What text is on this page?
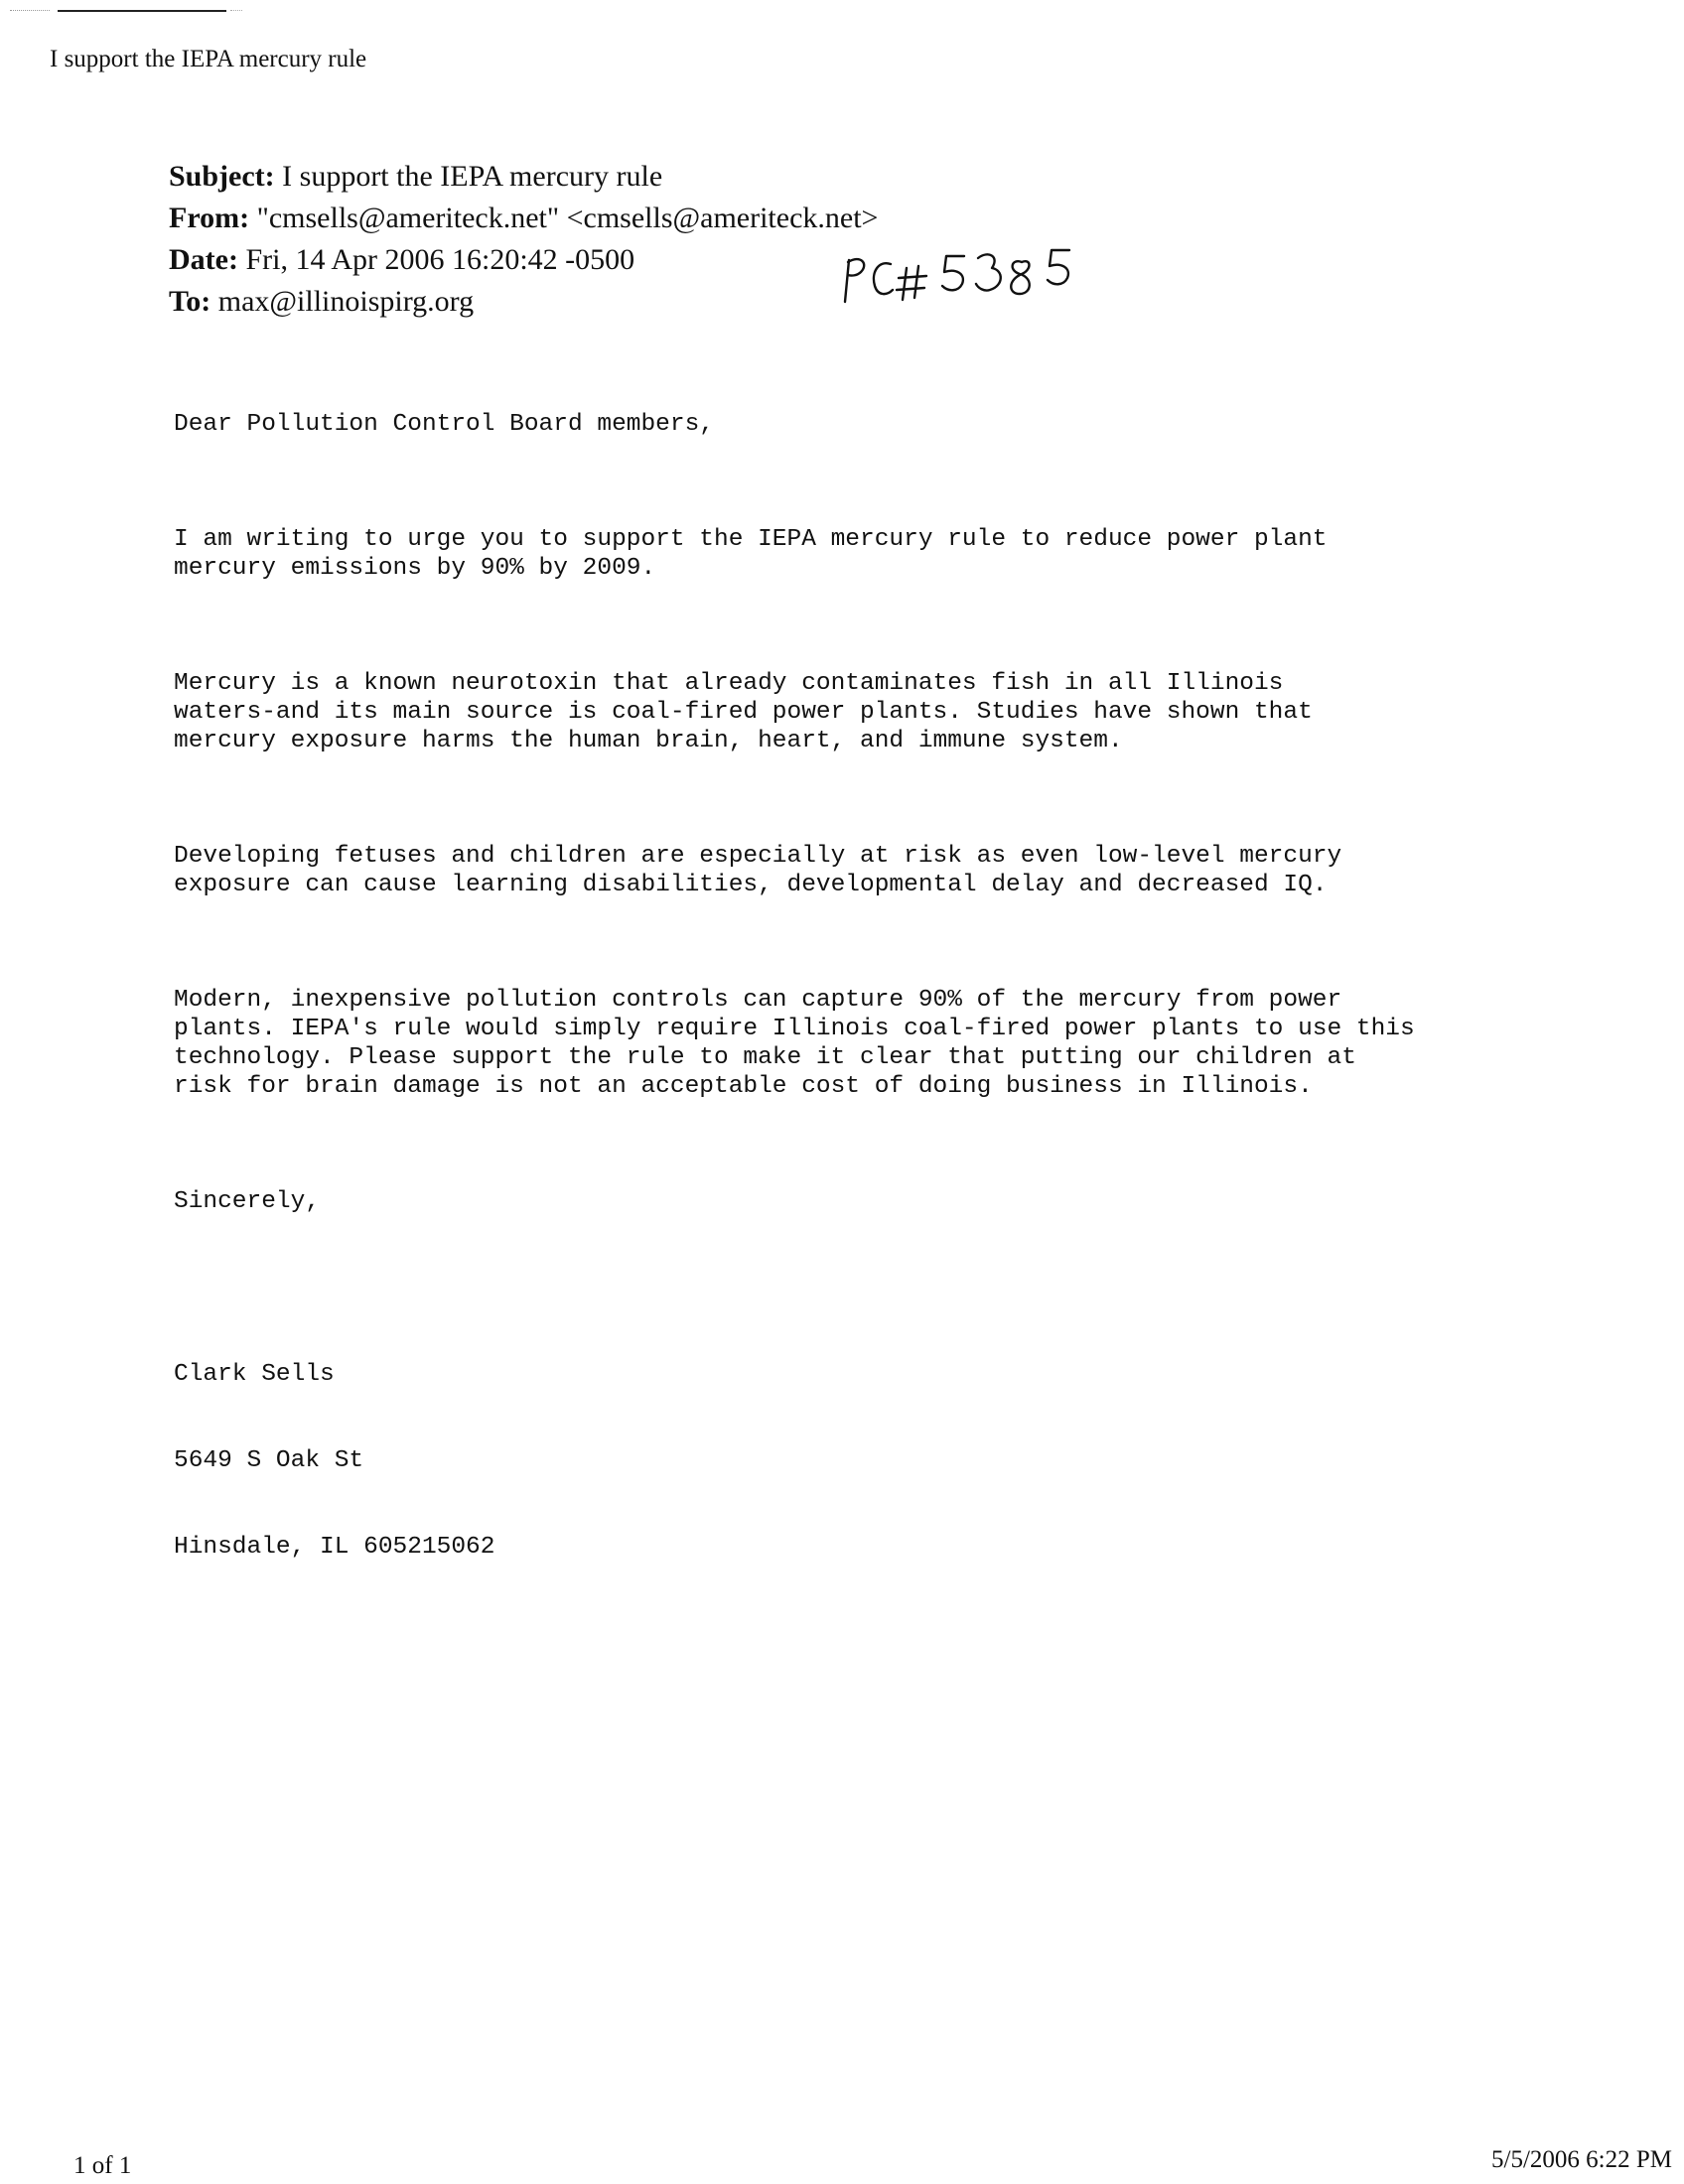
I support the IEPA mercury rule
Subject: I support the IEPA mercury rule
From: "cmsells@ameriteck.net" <cmsells@ameriteck.net>
Date: Fri, 14 Apr 2006 16:20:42 -0500
To: max@illinoispirg.org

Dear Pollution Control Board members,

I am writing to urge you to support the IEPA mercury rule to reduce power plant
mercury emissions by 90% by 2009.

Mercury is a known neurotoxin that already contaminates fish in all Illinois
waters-and its main source is coal-fired power plants. Studies have shown that
mercury exposure harms the human brain, heart, and immune system.

Developing fetuses and children are especially at risk as even low-level mercury
exposure can cause learning disabilities, developmental delay and decreased IQ.

Modern, inexpensive pollution controls can capture 90% of the mercury from power
plants. IEPA's rule would simply require Illinois coal-fired power plants to use this
technology. Please support the rule to make it clear that putting our children at
risk for brain damage is not an acceptable cost of doing business in Illinois.

Sincerely,

Clark Sells

5649 S Oak St

Hinsdale, IL 605215062

1 of 1	5/5/2006 6:22 PM
